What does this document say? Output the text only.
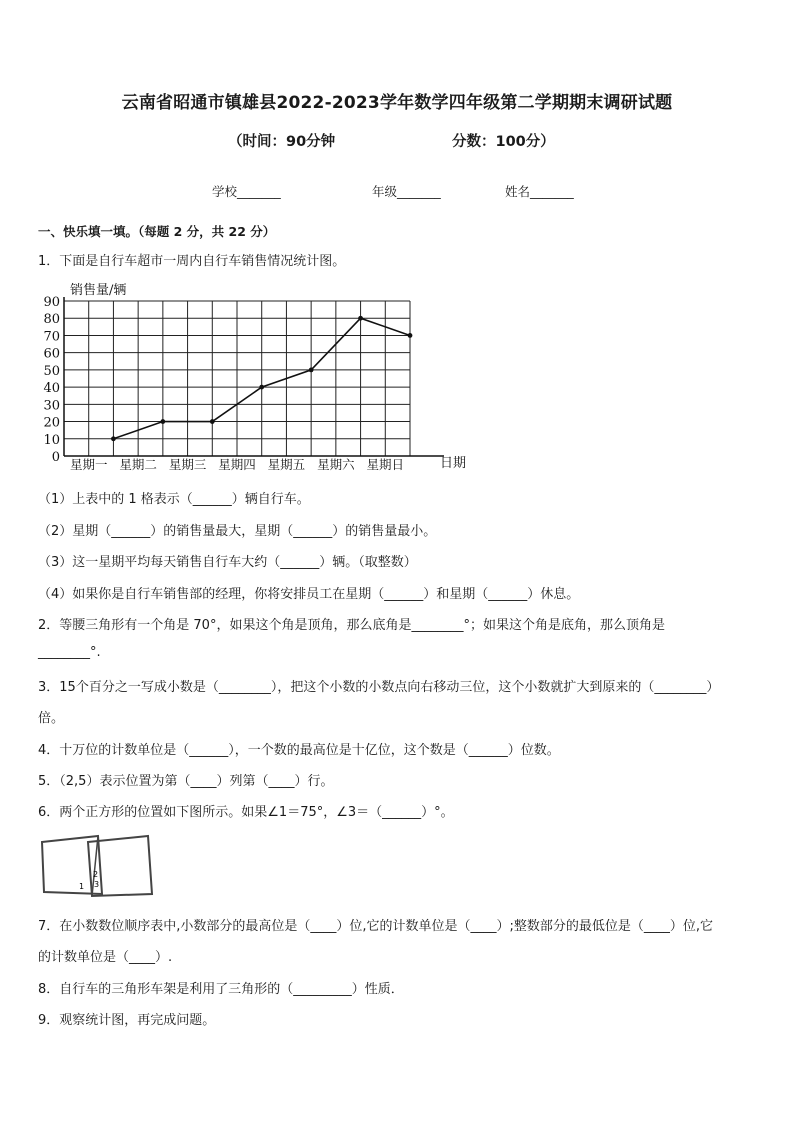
云南省昭通市镇雄县2022-2023学年数学四年级第二学期期末调研试题
（时间：90分钟	分数：100分）
学校_______	年级_______	姓名_______
一、快乐填一填。（每题 2 分，共 22 分）
1．下面是自行车超市一周内自行车销售情况统计图。
0
10
20
30
40
50
60
70
80
90
星期一 星期二 星期三 星期四 星期五 星期六 星期日
销售量/辆
日期
（1）上表中的 1 格表示（______）辆自行车。
（2）星期（______）的销售量最大，星期（______）的销售量最小。
（3）这一星期平均每天销售自行车大约（______）辆。（取整数）
（4）如果你是自行车销售部的经理，你将安排员工在星期（______）和星期（______）休息。
2．等腰三角形有一个角是 70°，如果这个角是顶角，那么底角是________°；如果这个角是底角，那么顶角是
________°.
3．15个百分之一写成小数是（________），把这个小数的小数点向右移动三位，这个小数就扩大到原来的（________）
倍。
4．十万位的计数单位是（______），一个数的最高位是十亿位，这个数是（______）位数。
5．（2,5）表示位置为第（____）列第（____）行。
6．两个正方形的位置如下图所示。如果∠1＝75°，∠3＝（______）°。
1
2
3
7．在小数数位顺序表中,小数部分的最高位是（____）位,它的计数单位是（____）;整数部分的最低位是（____）位,它
的计数单位是（____）.
8．自行车的三角形车架是利用了三角形的（_________）性质．
9．观察统计图，再完成问题。
